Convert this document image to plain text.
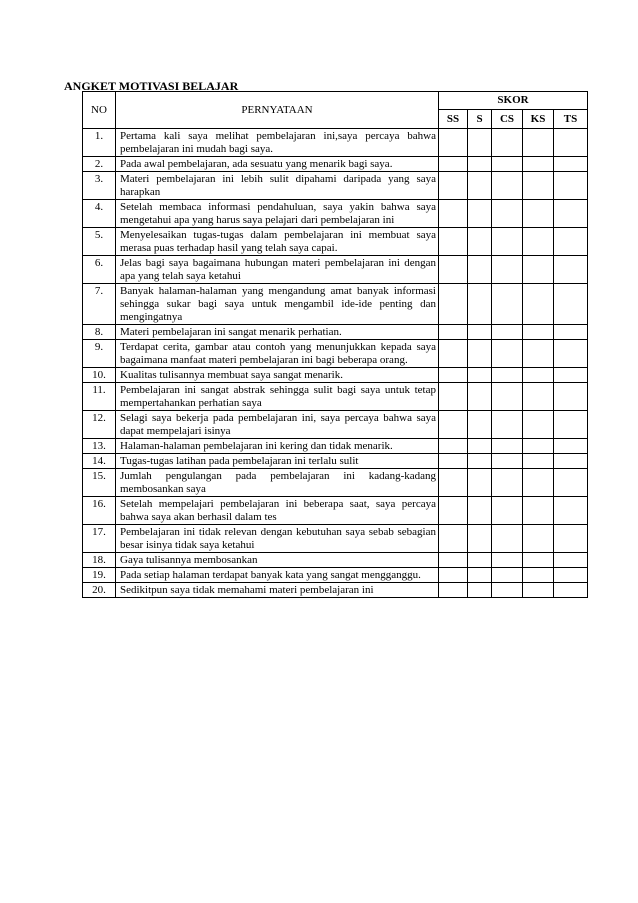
ANGKET MOTIVASI BELAJAR
NO	PERNYATAAN	SKOR				
		SS	S	CS	KS	TS
1.	Pertama kali saya melihat pembelajaran ini,saya percaya bahwa pembelajaran ini mudah bagi saya.					
2.	Pada awal pembelajaran, ada sesuatu yang menarik bagi saya.					
3.	Materi pembelajaran ini lebih sulit dipahami daripada yang saya harapkan					
4.	Setelah membaca informasi pendahuluan, saya yakin bahwa saya mengetahui apa yang harus saya pelajari dari pembelajaran ini					
5.	Menyelesaikan tugas-tugas dalam pembelajaran ini membuat saya merasa puas terhadap hasil yang telah saya capai.					
6.	Jelas bagi saya bagaimana hubungan materi pembelajaran ini dengan apa yang telah saya ketahui					
7.	Banyak halaman-halaman yang mengandung amat banyak informasi sehingga sukar bagi saya untuk mengambil ide-ide penting dan mengingatnya					
8.	Materi pembelajaran ini sangat menarik perhatian.					
9.	Terdapat cerita, gambar atau contoh yang menunjukkan kepada saya bagaimana manfaat materi pembelajaran ini bagi beberapa orang.					
10.	Kualitas tulisannya membuat saya sangat menarik.					
11.	Pembelajaran ini sangat abstrak sehingga sulit bagi saya untuk tetap mempertahankan perhatian saya					
12.	Selagi saya bekerja pada pembelajaran ini, saya percaya bahwa saya dapat mempelajari isinya					
13.	Halaman-halaman pembelajaran ini kering dan tidak menarik.					
14.	Tugas-tugas latihan pada pembelajaran ini terlalu sulit					
15.	Jumlah pengulangan pada pembelajaran ini kadang-kadang membosankan saya					
16.	Setelah mempelajari pembelajaran ini beberapa saat, saya percaya bahwa saya akan berhasil dalam tes					
17.	Pembelajaran ini tidak relevan dengan kebutuhan saya sebab sebagian besar isinya tidak saya ketahui					
18.	Gaya tulisannya membosankan					
19.	Pada setiap halaman terdapat banyak kata yang sangat mengganggu.					
20.	Sedikitpun saya tidak memahami materi pembelajaran ini					
